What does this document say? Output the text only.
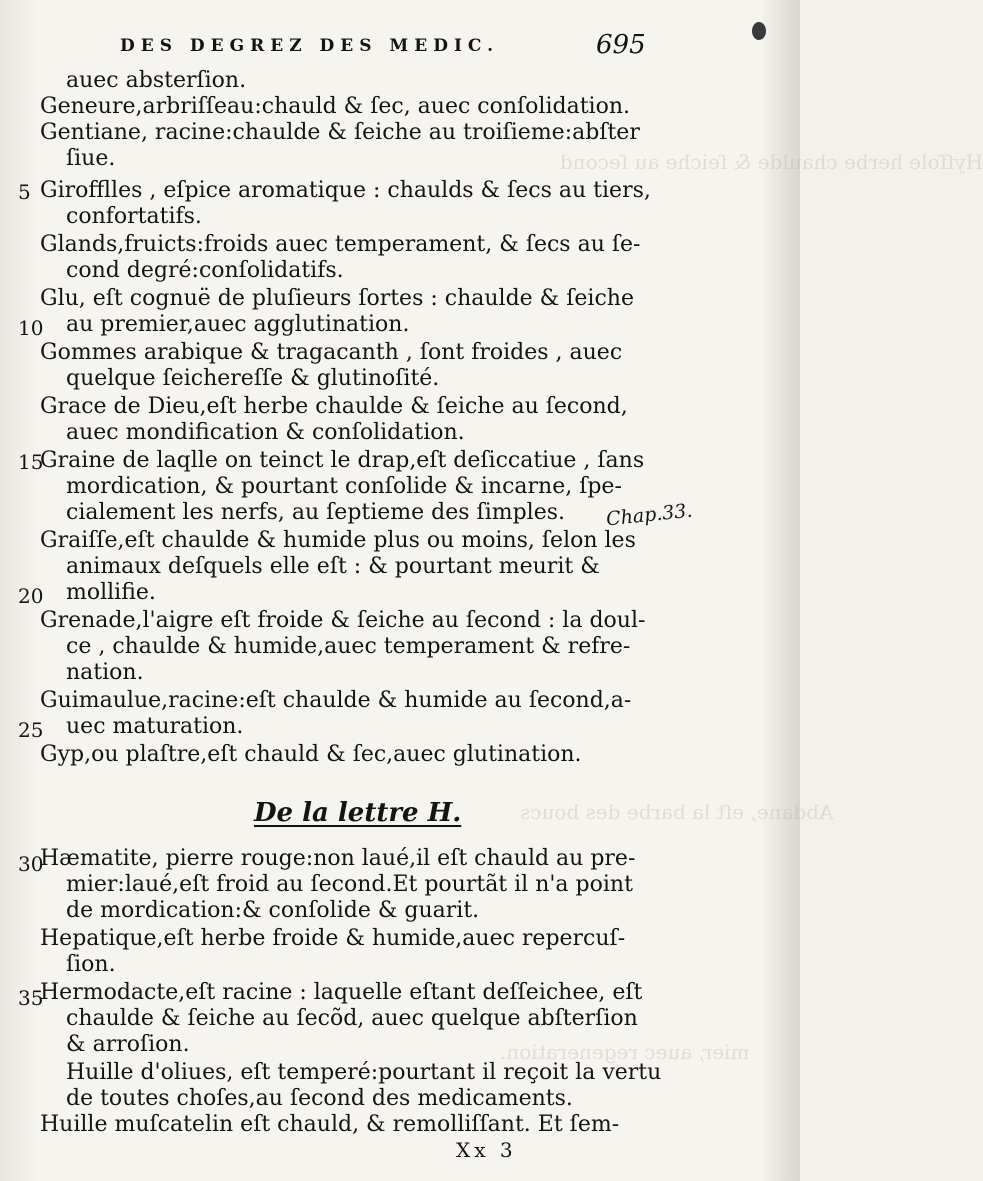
Hyſſole herbe chaulde & ſeiche au ſecond
Abdane, eſt la barbe des boucs
mier, auec regeneration.
DES DEGREZ DES MEDIC.	695
auec absterſion.
Geneure,arbriſſeau:chauld & ſec, auec conſolidation.
Gentiane, racine:chaulde & ſeiche au troiſieme:abſter
ſiue.
Girofflles , eſpice aromatique : chaulds & ſecs au tiers,
confortatifs.
Glands,fruicts:froids auec temperament, & ſecs au ſe-
cond degré:conſolidatifs.
Glu, eſt cognuë de pluſieurs ſortes : chaulde & ſeiche
au premier,auec agglutination.
Gommes arabique & tragacanth , ſont froides , auec
quelque ſeichereſſe & glutinoſité.
Grace de Dieu,eſt herbe chaulde & ſeiche au ſecond,
auec mondification & conſolidation.
Graine de laqlle on teinct le drap,eſt deſiccatiue , ſans
mordication, & pourtant conſolide & incarne, ſpe-
cialement les nerfs, au ſeptieme des ſimples.
Graiſſe,eſt chaulde & humide plus ou moins, ſelon les
animaux deſquels elle eſt : & pourtant meurit &
mollifie.
Grenade,l'aigre eſt froide & ſeiche au ſecond : la doul-
ce , chaulde & humide,auec temperament & refre-
nation.
Guimaulue,racine:eſt chaulde & humide au ſecond,a-
uec maturation.
Gyp,ou plaſtre,eſt chauld & ſec,auec glutination.
De la lettre H.
Hæmatite, pierre rouge:non laué,il eſt chauld au pre-
mier:laué,eſt froid au ſecond.Et pourtãt il n'a point
de mordication:& conſolide & guarit.
Hepatique,eſt herbe froide & humide,auec repercuſ-
ſion.
Hermodacte,eſt racine : laquelle eſtant deſſeichee, eſt
chaulde & ſeiche au ſecõd, auec quelque abſterſion
& arroſion.
Huille d'oliues, eſt temperé:pourtant il reçoit la vertu
de toutes choſes,au ſecond des medicaments.
Huille muſcatelin eſt chauld, & remolliſſant. Et ſem-
5
10
15
20
25
30
35
Chap.33.
Xx 3
